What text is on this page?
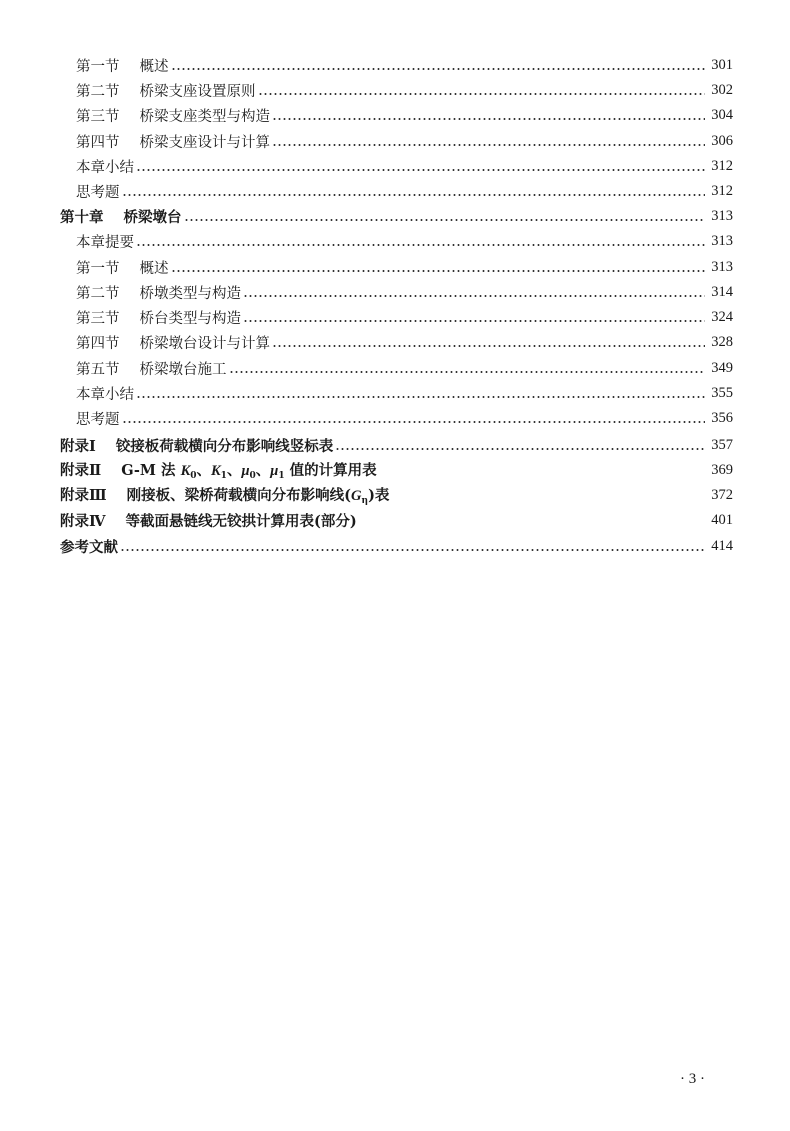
第一节 概述	301
第二节 桥梁支座设置原则	302
第三节 桥梁支座类型与构造	304
第四节 桥梁支座设计与计算	306
本章小结	312
思考题	312
第十章 桥梁墩台	313
本章提要	313
第一节 概述	313
第二节 桥墩类型与构造	314
第三节 桥台类型与构造	324
第四节 桥梁墩台设计与计算	328
第五节 桥梁墩台施工	349
本章小结	355
思考题	356
附录Ⅰ 铰接板荷载横向分布影响线竖标表	357
附录Ⅱ G-M 法 $K_0$、$K_1$、$\mu_0$、$\mu_1$ 值的计算用表	369
附录Ⅲ 刚接板、梁桥荷载横向分布影响线$(G_\eta)$表	372
附录Ⅳ 等截面悬链线无铰拱计算用表(部分)	401
参考文献	414
· 3 ·
